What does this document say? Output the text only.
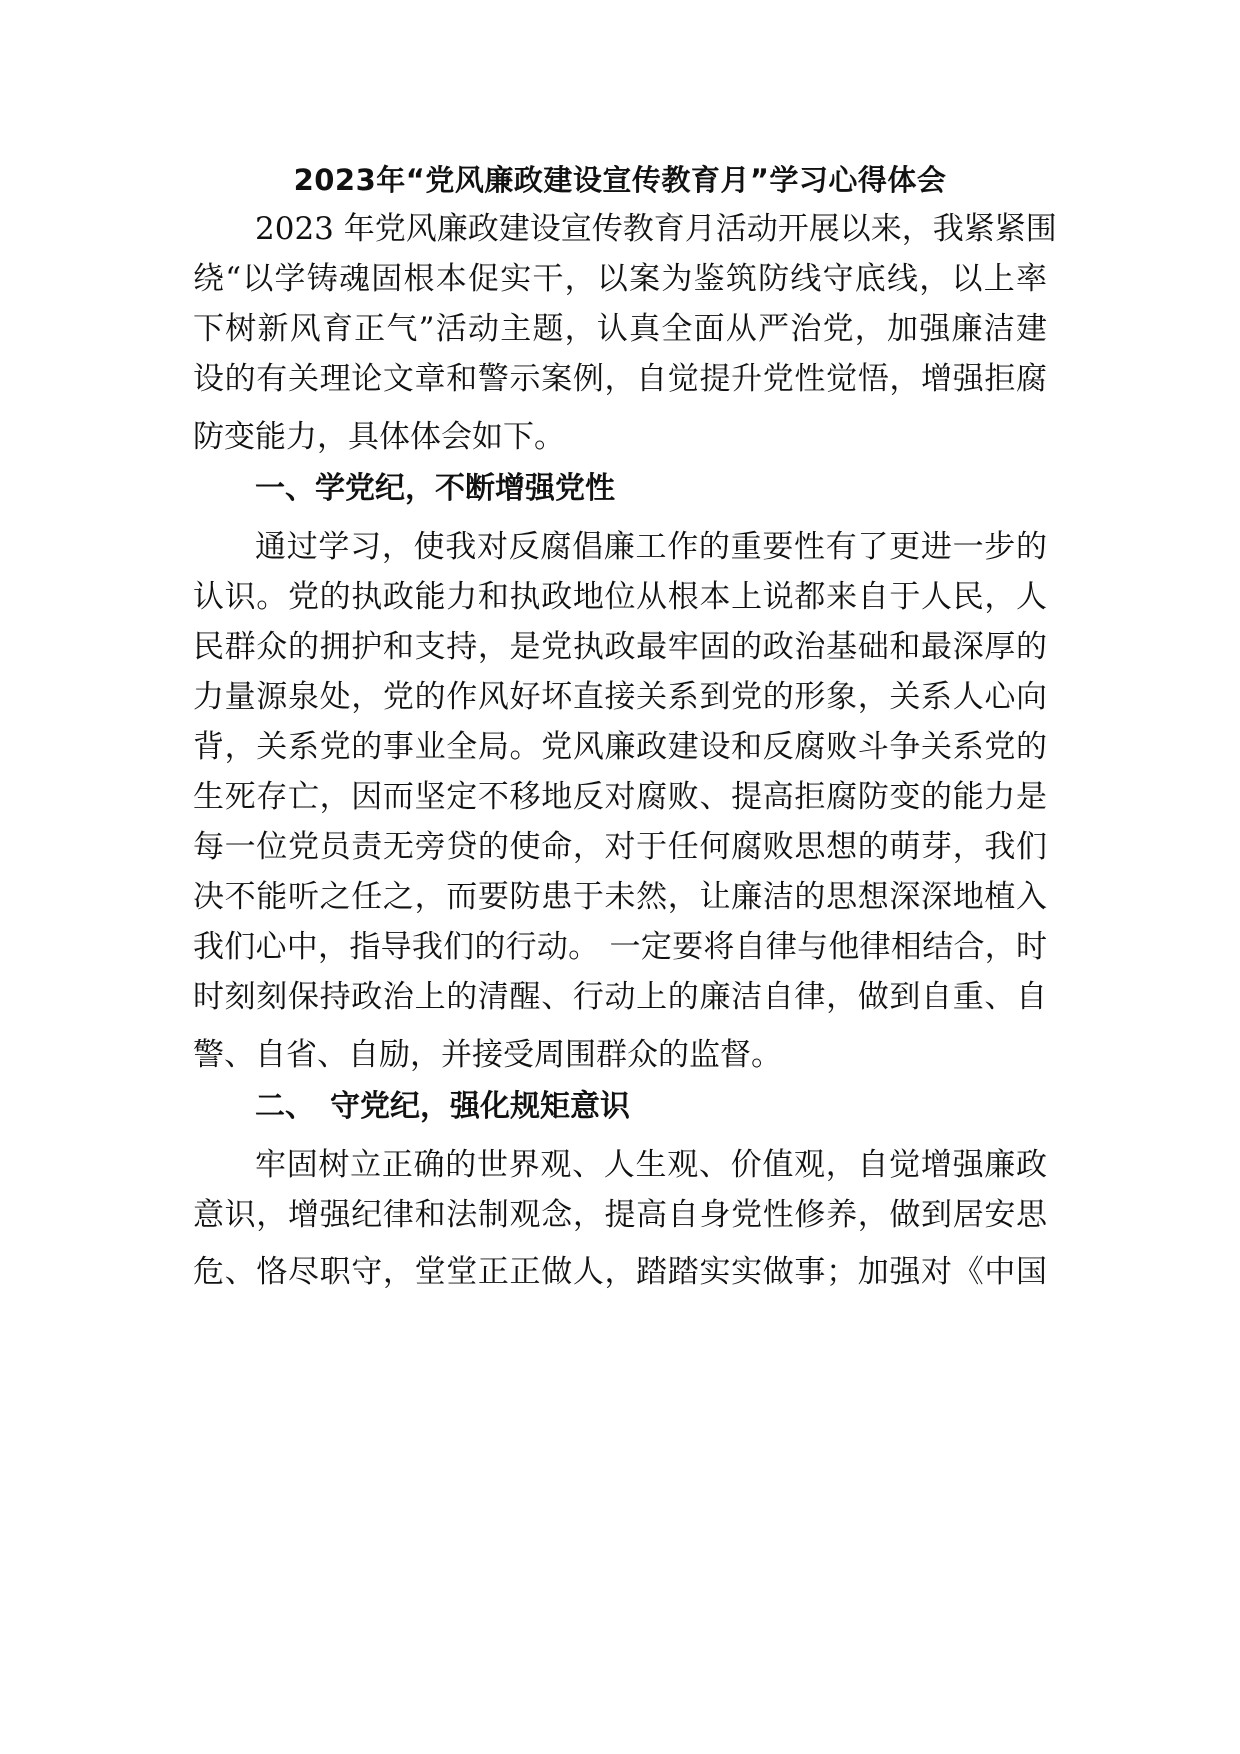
2023年“党风廉政建设宣传教育月”学习心得体会
2023 年党风廉政建设宣传教育月活动开展以来，我紧紧围
绕“以学铸魂固根本促实干，以案为鉴筑防线守底线，以上率
下树新风育正气”活动主题，认真全面从严治党，加强廉洁建
设的有关理论文章和警示案例，自觉提升党性觉悟，增强拒腐
防变能力，具体体会如下。
一、学党纪，不断增强党性
通过学习，使我对反腐倡廉工作的重要性有了更进一步的
认识。党的执政能力和执政地位从根本上说都来自于人民，人
民群众的拥护和支持，是党执政最牢固的政治基础和最深厚的
力量源泉处，党的作风好坏直接关系到党的形象，关系人心向
背，关系党的事业全局。党风廉政建设和反腐败斗争关系党的
生死存亡，因而坚定不移地反对腐败、提高拒腐防变的能力是
每一位党员责无旁贷的使命，对于任何腐败思想的萌芽，我们
决不能听之任之，而要防患于未然，让廉洁的思想深深地植入
我们心中，指导我们的行动。 一定要将自律与他律相结合，时
时刻刻保持政治上的清醒、行动上的廉洁自律，做到自重、自
警、自省、自励，并接受周围群众的监督。
二、　守党纪，强化规矩意识
牢固树立正确的世界观、人生观、价值观，自觉增强廉政
意识，增强纪律和法制观念，提高自身党性修养，做到居安思
危、恪尽职守，堂堂正正做人，踏踏实实做事；加强对《中国
